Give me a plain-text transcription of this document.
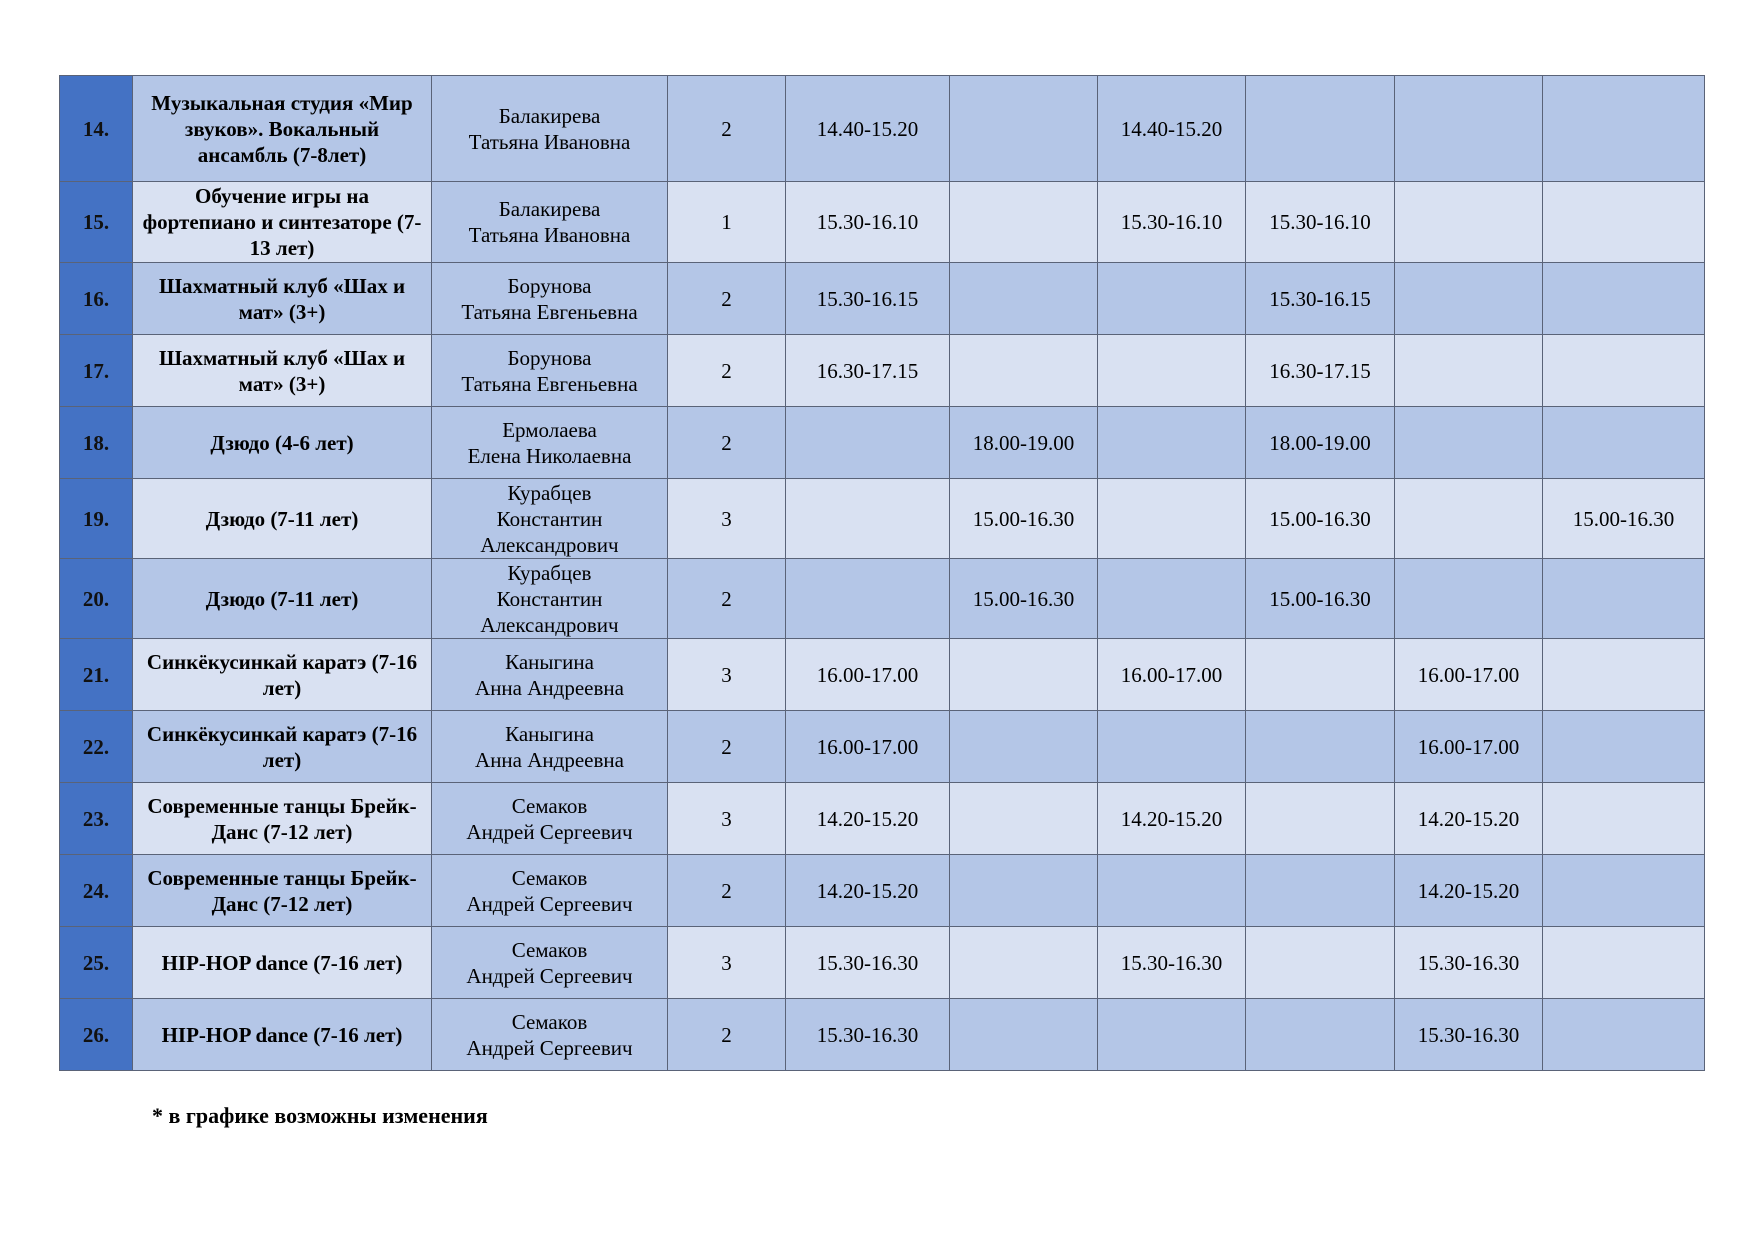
14.	Музыкальная студия «Мир звуков». Вокальный ансамбль (7-8лет)	Балакирева
Татьяна Ивановна	2	14.40-15.20		14.40-15.20			
15.	Обучение игры на фортепиано и синтезаторе (7-13 лет)	Балакирева
Татьяна Ивановна	1	15.30-16.10		15.30-16.10	15.30-16.10		
16.	Шахматный клуб «Шах и мат» (3+)	Борунова
Татьяна Евгеньевна	2	15.30-16.15			15.30-16.15		
17.	Шахматный клуб «Шах и мат» (3+)	Борунова
Татьяна Евгеньевна	2	16.30-17.15			16.30-17.15		
18.	Дзюдо (4-6 лет)	Ермолаева
Елена Николаевна	2		18.00-19.00		18.00-19.00		
19.	Дзюдо (7-11 лет)	Курабцев
Константин
Александрович	3		15.00-16.30		15.00-16.30		15.00-16.30
20.	Дзюдо (7-11 лет)	Курабцев
Константин
Александрович	2		15.00-16.30		15.00-16.30		
21.	Синкёкусинкай каратэ (7-16 лет)	Каныгина
Анна Андреевна	3	16.00-17.00		16.00-17.00		16.00-17.00	
22.	Синкёкусинкай каратэ (7-16 лет)	Каныгина
Анна Андреевна	2	16.00-17.00				16.00-17.00	
23.	Современные танцы Брейк-Данс (7-12 лет)	Семаков
Андрей Сергеевич	3	14.20-15.20		14.20-15.20		14.20-15.20	
24.	Современные танцы Брейк-Данс (7-12 лет)	Семаков
Андрей Сергеевич	2	14.20-15.20				14.20-15.20	
25.	HIP-HOP dance (7-16 лет)	Семаков
Андрей Сергеевич	3	15.30-16.30		15.30-16.30		15.30-16.30	
26.	HIP-HOP dance (7-16 лет)	Семаков
Андрей Сергеевич	2	15.30-16.30				15.30-16.30	
* в графике возможны изменения
